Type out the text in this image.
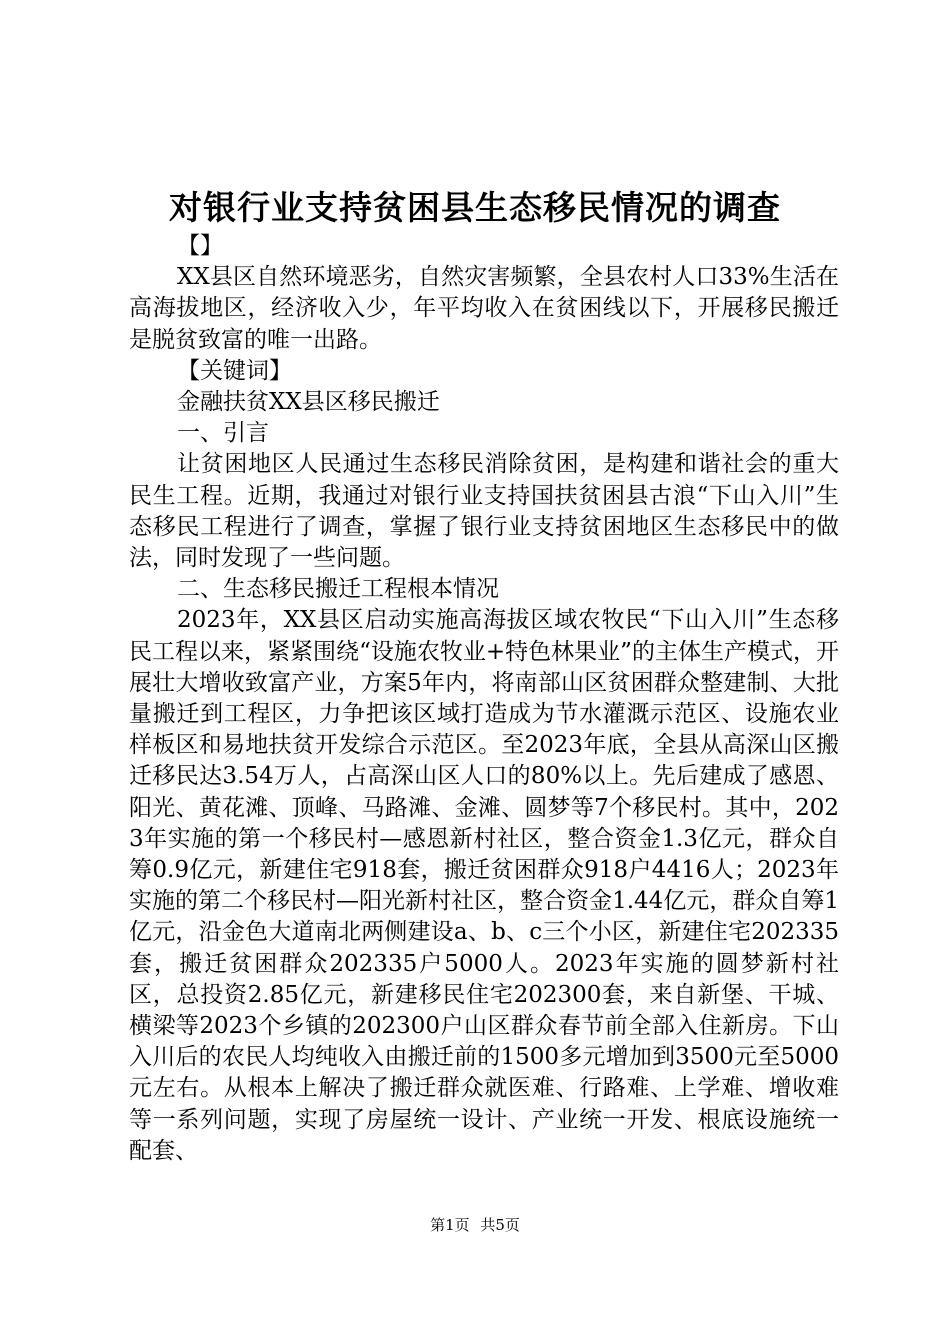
对银行业支持贫困县生态移民情况的调查

【】

XX县区自然环境恶劣，自然灾害频繁，全县农村人口33%生活在高海拔地区，经济收入少，年平均收入在贫困线以下，开展移民搬迁是脱贫致富的唯一出路。

【关键词】

金融扶贫XX县区移民搬迁

一、引言

让贫困地区人民通过生态移民消除贫困，是构建和谐社会的重大民生工程。近期，我通过对银行业支持国扶贫困县古浪“下山入川”生态移民工程进行了调查，掌握了银行业支持贫困地区生态移民中的做法，同时发现了一些问题。

二、生态移民搬迁工程根本情况

2023年，XX县区启动实施高海拔区域农牧民“下山入川”生态移民工程以来，紧紧围绕“设施农牧业+特色林果业”的主体生产模式，开展壮大增收致富产业，方案5年内，将南部山区贫困群众整建制、大批量搬迁到工程区，力争把该区域打造成为节水灌溉示范区、设施农业样板区和易地扶贫开发综合示范区。至2023年底，全县从高深山区搬迁移民达3.54万人，占高深山区人口的80%以上。先后建成了感恩、阳光、黄花滩、顶峰、马路滩、金滩、圆梦等7个移民村。其中，2023年实施的第一个移民村—感恩新村社区，整合资金1.3亿元，群众自筹0.9亿元，新建住宅918套，搬迁贫困群众918户4416人；2023年实施的第二个移民村—阳光新村社区，整合资金1.44亿元，群众自筹1亿元，沿金色大道南北两侧建设a、b、c三个小区，新建住宅202335套，搬迁贫困群众202335户5000人。2023年实施的圆梦新村社区，总投资2.85亿元，新建移民住宅202300套，来自新堡、干城、横梁等2023个乡镇的202300户山区群众春节前全部入住新房。下山入川后的农民人均纯收入由搬迁前的1500多元增加到3500元至5000元左右。从根本上解决了搬迁群众就医难、行路难、上学难、增收难等一系列问题，实现了房屋统一设计、产业统一开发、根底设施统一配套、

第1页 共5页
